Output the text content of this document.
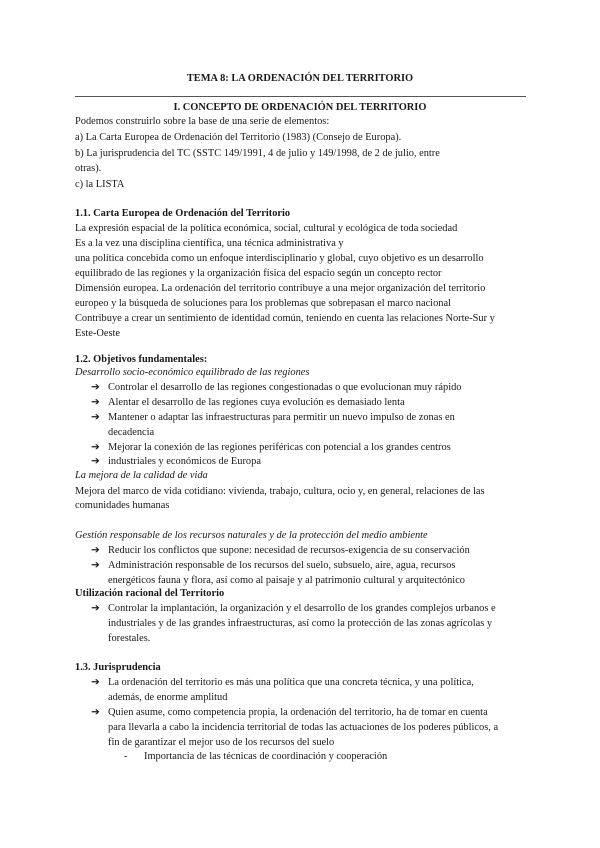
TEMA 8: LA ORDENACIÓN DEL TERRITORIO
I. CONCEPTO DE ORDENACIÓN DEL TERRITORIO
Podemos construirlo sobre la base de una serie de elementos:
a) La Carta Europea de Ordenación del Territorio (1983) (Consejo de Europa).
b) La jurisprudencia del TC (SSTC 149/1991, 4 de julio y 149/1998, de 2 de julio, entre
otras).
c) la LISTA
1.1. Carta Europea de Ordenación del Territorio
La expresión espacial de la política económica, social, cultural y ecológica de toda sociedad
Es a la vez una disciplina científica, una técnica administrativa y
una política concebida como un enfoque interdisciplinario y global, cuyo objetivo es un desarrollo
equilibrado de las regiones y la organización física del espacio según un concepto rector
Dimensión europea. La ordenación del territorio contribuye a una mejor organización del territorio
europeo y la búsqueda de soluciones para los problemas que sobrepasan el marco nacional
Contribuye a crear un sentimiento de identidad común, teniendo en cuenta las relaciones Norte-Sur y
Este-Oeste
1.2. Objetivos fundamentales:
Desarrollo socio-económico equilibrado de las regiones
➔ Controlar el desarrollo de las regiones congestionadas o que evolucionan muy rápido
➔ Alentar el desarrollo de las regiones cuya evolución es demasiado lenta
➔ Mantener o adaptar las infraestructuras para permitir un nuevo impulso de zonas en
decadencia
➔ Mejorar la conexión de las regiones periféricas con potencial a los grandes centros
➔ industriales y económicos de Europa
La mejora de la calidad de vida
Mejora del marco de vida cotidiano: vivienda, trabajo, cultura, ocio y, en general, relaciones de las
comunidades humanas
Gestión responsable de los recursos naturales y de la protección del medio ambiente
➔ Reducir los conflictos que supone: necesidad de recursos-exigencia de su conservación
➔ Administración responsable de los recursos del suelo, subsuelo, aire, agua, recursos
energéticos fauna y flora, así como al paisaje y al patrimonio cultural y arquitectónico
Utilización racional del Territorio
➔ Controlar la implantación, la organización y el desarrollo de los grandes complejos urbanos e
industriales y de las grandes infraestructuras, así como la protección de las zonas agrícolas y
forestales.
1.3. Jurisprudencia
➔ La ordenación del territorio es más una política que una concreta técnica, y una política,
además, de enorme amplitud
➔ Quien asume, como competencia propia, la ordenación del territorio, ha de tomar en cuenta
para llevarla a cabo la incidencia territorial de todas las actuaciones de los poderes públicos, a
fin de garantizar el mejor uso de los recursos del suelo
- Importancia de las técnicas de coordinación y cooperación
